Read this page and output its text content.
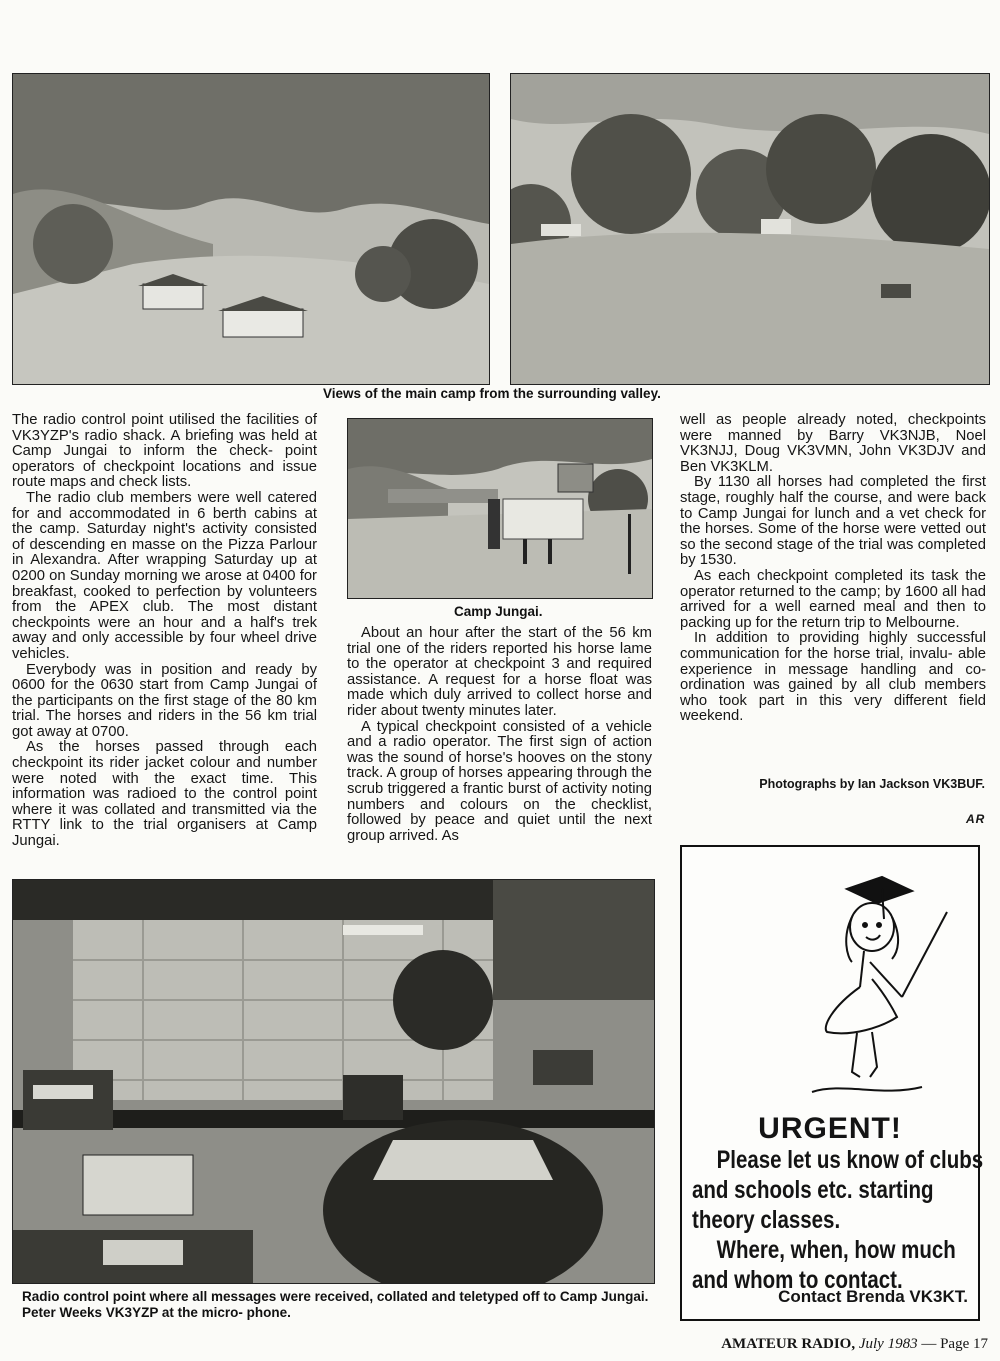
Views of the main camp from the surrounding valley.

The radio control point utilised the facilities of VK3YZP's radio shack. A briefing was held at Camp Jungai to inform the check- point operators of checkpoint locations and issue route maps and check lists.

The radio club members were well catered for and accommodated in 6 berth cabins at the camp. Saturday night's activity consisted of descending en masse on the Pizza Parlour in Alexandra. After wrapping Saturday up at 0200 on Sunday morning we arose at 0400 for breakfast, cooked to perfection by volunteers from the APEX club. The most distant checkpoints were an hour and a half's trek away and only accessible by four wheel drive vehicles.

Everybody was in position and ready by 0600 for the 0630 start from Camp Jungai of the participants on the first stage of the 80 km trial. The horses and riders in the 56 km trial got away at 0700.

As the horses passed through each checkpoint its rider jacket colour and number were noted with the exact time. This information was radioed to the control point where it was collated and transmitted via the RTTY link to the trial organisers at Camp Jungai.

Camp Jungai.

About an hour after the start of the 56 km trial one of the riders reported his horse lame to the operator at checkpoint 3 and required assistance. A request for a horse float was made which duly arrived to collect horse and rider about twenty minutes later.

A typical checkpoint consisted of a vehicle and a radio operator. The first sign of action was the sound of horse's hooves on the stony track. A group of horses appearing through the scrub triggered a frantic burst of activity noting numbers and colours on the checklist, followed by peace and quiet until the next group arrived. As

well as people already noted, checkpoints were manned by Barry VK3NJB, Noel VK3NJJ, Doug VK3VMN, John VK3DJV and Ben VK3KLM.

By 1130 all horses had completed the first stage, roughly half the course, and were back to Camp Jungai for lunch and a vet check for the horses. Some of the horse were vetted out so the second stage of the trial was completed by 1530.

As each checkpoint completed its task the operator returned to the camp; by 1600 all had arrived for a well earned meal and then to packing up for the return trip to Melbourne.

In addition to providing highly successful communication for the horse trial, invalu- able experience in message handling and co-ordination was gained by all club members who took part in this very different field weekend.

Photographs by Ian Jackson VK3BUF.
AR
Radio control point where all messages were received, collated and teletyped off to Camp Jungai. Peter Weeks VK3YZP at the micro- phone.
URGENT!
Please let us know of clubs
and schools etc. starting
theory classes.
Where, when, how much
and whom to contact.
Contact Brenda VK3KT.
AMATEUR RADIO, July 1983 — Page 17
